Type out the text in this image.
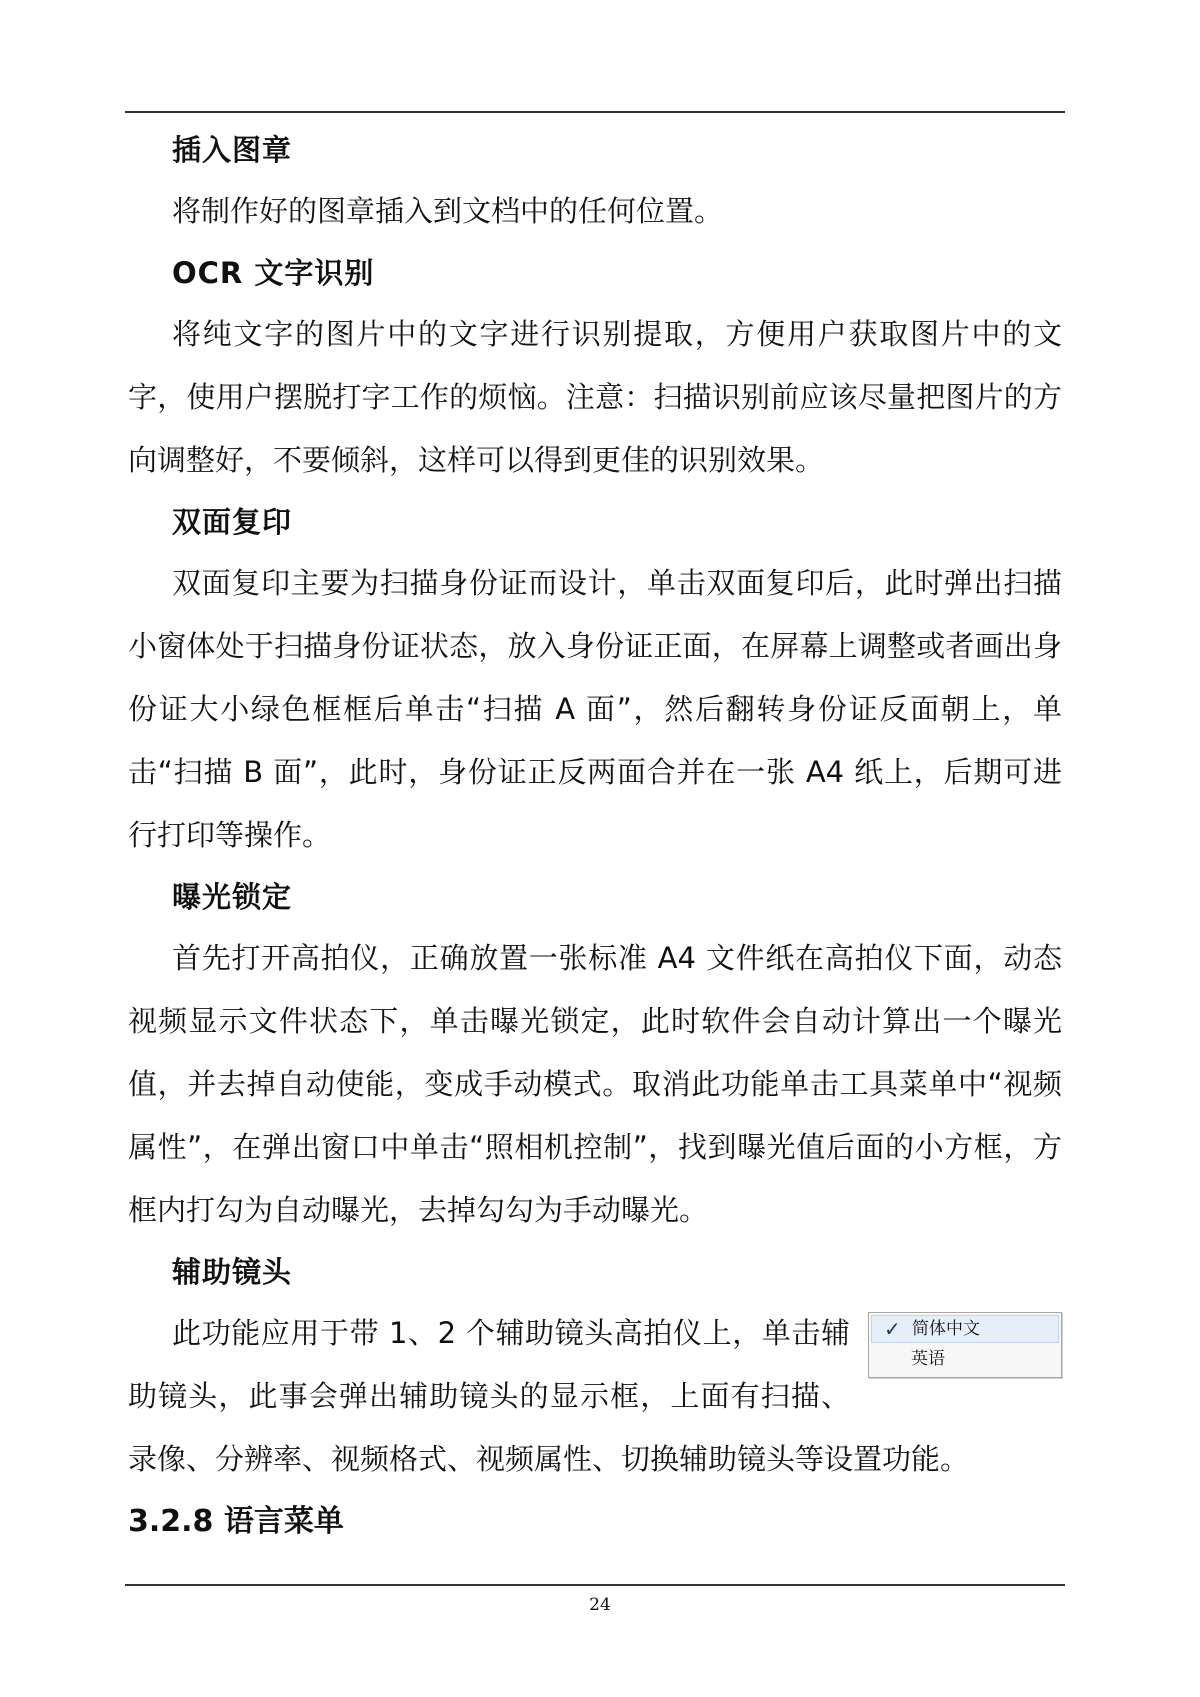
插入图章

将制作好的图章插入到文档中的任何位置。

OCR 文字识别

将纯文字的图片中的文字进行识别提取，方便用户获取图片中的文字，使用户摆脱打字工作的烦恼。注意：扫描识别前应该尽量把图片的方向调整好，不要倾斜，这样可以得到更佳的识别效果。

双面复印

双面复印主要为扫描身份证而设计，单击双面复印后，此时弹出扫描小窗体处于扫描身份证状态，放入身份证正面，在屏幕上调整或者画出身份证大小绿色框框后单击“扫描 A 面”，然后翻转身份证反面朝上，单击“扫描 B 面”，此时，身份证正反两面合并在一张 A4 纸上，后期可进行打印等操作。

曝光锁定

首先打开高拍仪，正确放置一张标准 A4 文件纸在高拍仪下面，动态视频显示文件状态下，单击曝光锁定，此时软件会自动计算出一个曝光值，并去掉自动使能，变成手动模式。取消此功能单击工具菜单中“视频属性”，在弹出窗口中单击“照相机控制”，找到曝光值后面的小方框，方框内打勾为自动曝光，去掉勾勾为手动曝光。

辅助镜头

✓ 简体中文
英语
此功能应用于带 1、2 个辅助镜头高拍仪上，单击辅助镜头，此事会弹出辅助镜头的显示框，上面有扫描、录像、分辨率、视频格式、视频属性、切换辅助镜头等设置功能。

3.2.8 语言菜单
24
